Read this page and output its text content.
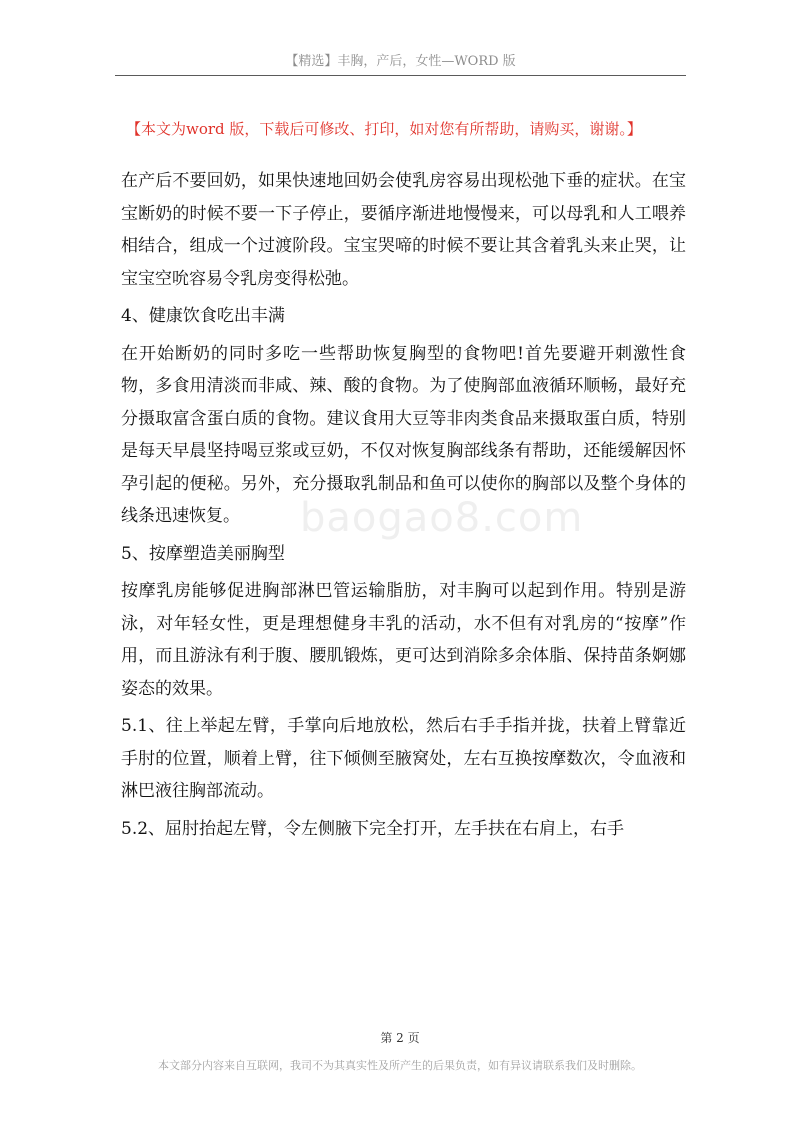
【精选】丰胸，产后，女性—WORD 版
【本文为word 版，下载后可修改、打印，如对您有所帮助，请购买，谢谢。】
baogao8.com

在产后不要回奶，如果快速地回奶会使乳房容易出现松弛下垂的症状。在宝宝断奶的时候不要一下子停止，要循序渐进地慢慢来，可以母乳和人工喂养相结合，组成一个过渡阶段。宝宝哭啼的时候不要让其含着乳头来止哭，让宝宝空吮容易令乳房变得松弛。

4、健康饮食吃出丰满

在开始断奶的同时多吃一些帮助恢复胸型的食物吧!首先要避开刺激性食物，多食用清淡而非咸、辣、酸的食物。为了使胸部血液循环顺畅，最好充分摄取富含蛋白质的食物。建议食用大豆等非肉类食品来摄取蛋白质，特别是每天早晨坚持喝豆浆或豆奶，不仅对恢复胸部线条有帮助，还能缓解因怀孕引起的便秘。另外，充分摄取乳制品和鱼可以使你的胸部以及整个身体的线条迅速恢复。

5、按摩塑造美丽胸型

按摩乳房能够促进胸部淋巴管运输脂肪，对丰胸可以起到作用。特别是游泳，对年轻女性，更是理想健身丰乳的活动，水不但有对乳房的“按摩”作用，而且游泳有利于腹、腰肌锻炼，更可达到消除多余体脂、保持苗条婀娜姿态的效果。

5.1、往上举起左臂，手掌向后地放松，然后右手手指并拢，扶着上臂靠近手肘的位置，顺着上臂，往下倾侧至腋窝处，左右互换按摩数次，令血液和淋巴液往胸部流动。

5.2、屈肘抬起左臂，令左侧腋下完全打开，左手扶在右肩上，右手

第 2 页
本文部分内容来自互联网，我司不为其真实性及所产生的后果负责，如有异议请联系我们及时删除。
